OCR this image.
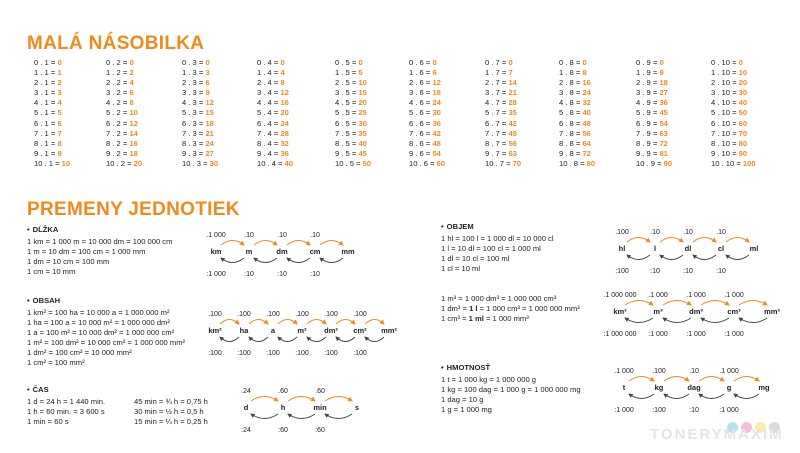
MALÁ NÁSOBILKA
0 . 1 = 0
1 . 1 = 1
2 . 1 = 2
3 . 1 = 3
4 . 1 = 4
5 . 1 = 5
6 . 1 = 6
7 . 1 = 7
8 . 1 = 8
9 . 1 = 9
10 . 1 = 10
0 . 2 = 0
1 . 2 = 2
2 . 2 = 4
3 . 2 = 6
4 . 2 = 8
5 . 2 = 10
6 . 2 = 12
7 . 2 = 14
8 . 2 = 16
9 . 2 = 18
10 . 2 = 20
0 . 3 = 0
1 . 3 = 3
2 . 3 = 6
3 . 3 = 9
4 . 3 = 12
5 . 3 = 15
6 . 3 = 18
7 . 3 = 21
8 . 3 = 24
9 . 3 = 27
10 . 3 = 30
0 . 4 = 0
1 . 4 = 4
2 . 4 = 8
3 . 4 = 12
4 . 4 = 16
5 . 4 = 20
6 . 4 = 24
7 . 4 = 28
8 . 4 = 32
9 . 4 = 36
10 . 4 = 40
0 . 5 = 0
1 . 5 = 5
2 . 5 = 10
3 . 5 = 15
4 . 5 = 20
5 . 5 = 25
6 . 5 = 30
7 . 5 = 35
8 . 5 = 40
9 . 5 = 45
10 . 5 = 50
0 . 6 = 0
1 . 6 = 6
2 . 6 = 12
3 . 6 = 18
4 . 6 = 24
5 . 6 = 30
6 . 6 = 36
7 . 6 = 42
8 . 6 = 48
9 . 6 = 54
10 . 6 = 60
0 . 7 = 0
1 . 7 = 7
2 . 7 = 14
3 . 7 = 21
4 . 7 = 28
5 . 7 = 35
6 . 7 = 42
7 . 7 = 49
8 . 7 = 56
9 . 7 = 63
10 . 7 = 70
0 . 8 = 0
1 . 8 = 8
2 . 8 = 16
3 . 8 = 24
4 . 8 = 32
5 . 8 = 40
6 . 8 = 48
7 . 8 = 56
8 . 8 = 64
9 . 8 = 72
10 . 8 = 80
0 . 9 = 0
1 . 9 = 9
2 . 9 = 18
3 . 9 = 27
4 . 9 = 36
5 . 9 = 45
6 . 9 = 54
7 . 9 = 63
8 . 9 = 72
9 . 9 = 81
10 . 9 = 90
0 . 10 = 0
1 . 10 = 10
2 . 10 = 20
3 . 10 = 30
4 . 10 = 40
5 . 10 = 50
6 . 10 = 60
7 . 10 = 70
8 . 10 = 80
9 . 10 = 90
10 . 10 = 100
PREMENY JEDNOTIEK
• DĹŽKA
1 km = 1 000 m = 10 000 dm = 100 000 cm
1 m = 10 dm = 100 cm = 1 000 mm
1 dm = 10 cm = 100 mm
1 cm = 10 mm
• OBSAH
1 km² = 100 ha = 10 000 a = 1 000 000 m²
1 ha = 100 a = 10 000 m² = 1 000 000 dm²
1 a = 100 m² = 10 000 dm² = 1 000 000 cm²
1 m² = 100 dm² = 10 000 cm² = 1 000 000 mm²
1 dm² = 100 cm² = 10 000 mm²
1 cm² = 100 mm²
• ČAS
1 d = 24 h = 1 440 min.
1 h = 60 min. = 3 600 s
1 min = 60 s
45 min = ¾ h = 0,75 h
30 min = ½ h = 0,5 h
15 min = ¼ h = 0,25 h
• OBJEM
1 hl = 100 l = 1 000 dl = 10 000 cl
1 l = 10 dl = 100 cl = 1 000 ml
1 dl = 10 cl = 100 ml
1 cl = 10 ml
1 m³ = 1 000 dm³ = 1 000 000 cm³
1 dm³ = 1 l = 1 000 cm³ = 1 000 000 mm³
1 cm³ = 1 ml = 1 000 mm³
• HMOTNOSŤ
1 t = 1 000 kg = 1 000 000 g
1 kg = 100 dag = 1 000 g = 1 000 000 mg
1 dag = 10 g
1 g = 1 000 mg
km
.1 000
:1 000
m
.10
:10
dm
.10
:10
cm
.10
:10
mm
km²
.100
:100
ha
.100
:100
a
.100
:100
m²
.100
:100
dm²
.100
:100
cm²
.100
:100
mm²
d
.24
:24
h
.60
:60
min
.60
:60
s
hl
.100
:100
l
.10
:10
dl
.10
:10
cl
.10
:10
ml
km³
.1 000 000
:1 000 000
m³
.1 000
:1 000
dm³
.1 000
:1 000
cm³
.1 000
:1 000
mm³
t
.1 000
:1 000
kg
.100
:100
dag
.10
:10
g
.1 000
:1 000
mg
TONERYMAXIM
